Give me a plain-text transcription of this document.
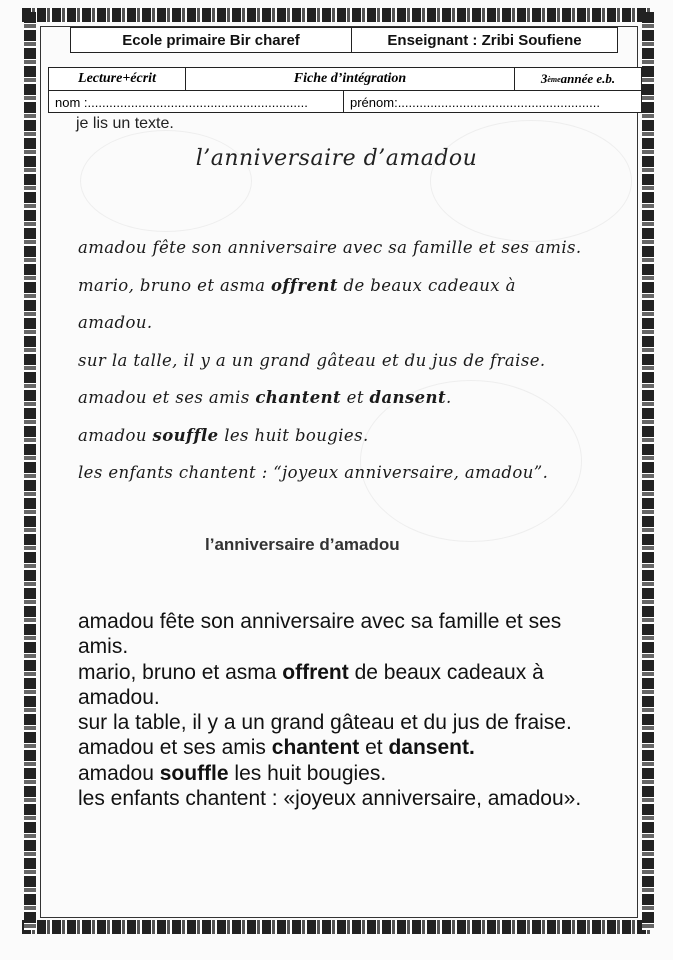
Ecole primaire Bir charef	Enseignant : Zribi Soufiene
Lecture+écrit	Fiche d’intégration	3 ème année e.b.
nom :.............................................................	prénom:........................................................
je lis un texte.
l’anniversaire d’amadou
amadou fête son anniversaire avec sa famille et ses amis.
mario, bruno et asma offrent de beaux cadeaux à
amadou.
sur la talle, il y a un grand gâteau et du jus de fraise.
amadou et ses amis chantent et dansent.
amadou souffle les huit bougies.
les enfants chantent : “joyeux anniversaire, amadou”.
l’anniversaire d’amadou

amadou fête son anniversaire avec sa famille et ses amis.

mario, bruno et asma offrent de beaux cadeaux à amadou.

sur la table, il y a un grand gâteau et du jus de fraise.

amadou et ses amis chantent et dansent.

amadou souffle les huit bougies.

les enfants chantent : «joyeux anniversaire, amadou».
